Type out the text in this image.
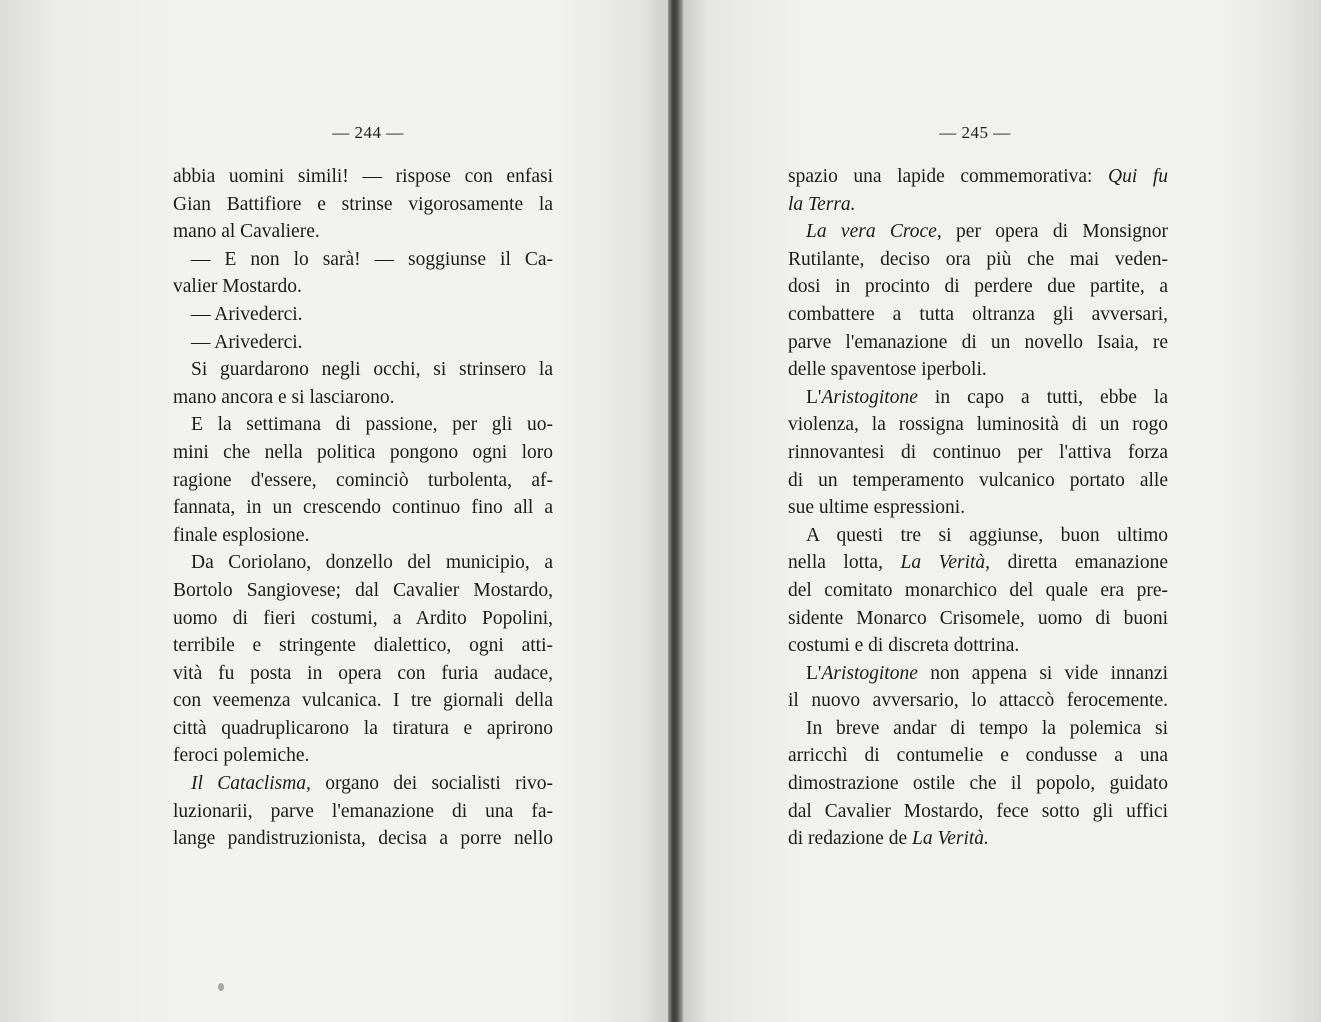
— 244 —	— 245 —
abbia uomini simili! — rispose con enfasi
Gian Battifiore e strinse vigorosamente la
mano al Cavaliere.
— E non lo sarà! — soggiunse il Ca-
valier Mostardo.
— Arivederci.
— Arivederci.
Si guardarono negli occhi, si strinsero la
mano ancora e si lasciarono.
E la settimana di passione, per gli uo-
mini che nella politica pongono ogni loro
ragione d'essere, cominciò turbolenta, af-
fannata, in un crescendo continuo fino all a
finale esplosione.
Da Coriolano, donzello del municipio, a
Bortolo Sangiovese; dal Cavalier Mostardo,
uomo di fieri costumi, a Ardito Popolini,
terribile e stringente dialettico, ogni atti-
vità fu posta in opera con furia audace,
con veemenza vulcanica. I tre giornali della
città quadruplicarono la tiratura e aprirono
feroci polemiche.
Il Cataclisma, organo dei socialisti rivo-
luzionarii, parve l'emanazione di una fa-
lange pandistruzionista, decisa a porre nello
spazio una lapide commemorativa: Qui fu
la Terra.
La vera Croce, per opera di Monsignor
Rutilante, deciso ora più che mai veden-
dosi in procinto di perdere due partite, a
combattere a tutta oltranza gli avversari,
parve l'emanazione di un novello Isaia, re
delle spaventose iperboli.
L'Aristogitone in capo a tutti, ebbe la
violenza, la rossigna luminosità di un rogo
rinnovantesi di continuo per l'attiva forza
di un temperamento vulcanico portato alle
sue ultime espressioni.
A questi tre si aggiunse, buon ultimo
nella lotta, La Verità, diretta emanazione
del comitato monarchico del quale era pre-
sidente Monarco Crisomele, uomo di buoni
costumi e di discreta dottrina.
L'Aristogitone non appena si vide innanzi
il nuovo avversario, lo attaccò ferocemente.
In breve andar di tempo la polemica si
arricchì di contumelie e condusse a una
dimostrazione ostile che il popolo, guidato
dal Cavalier Mostardo, fece sotto gli uffici
di redazione de La Verità.
